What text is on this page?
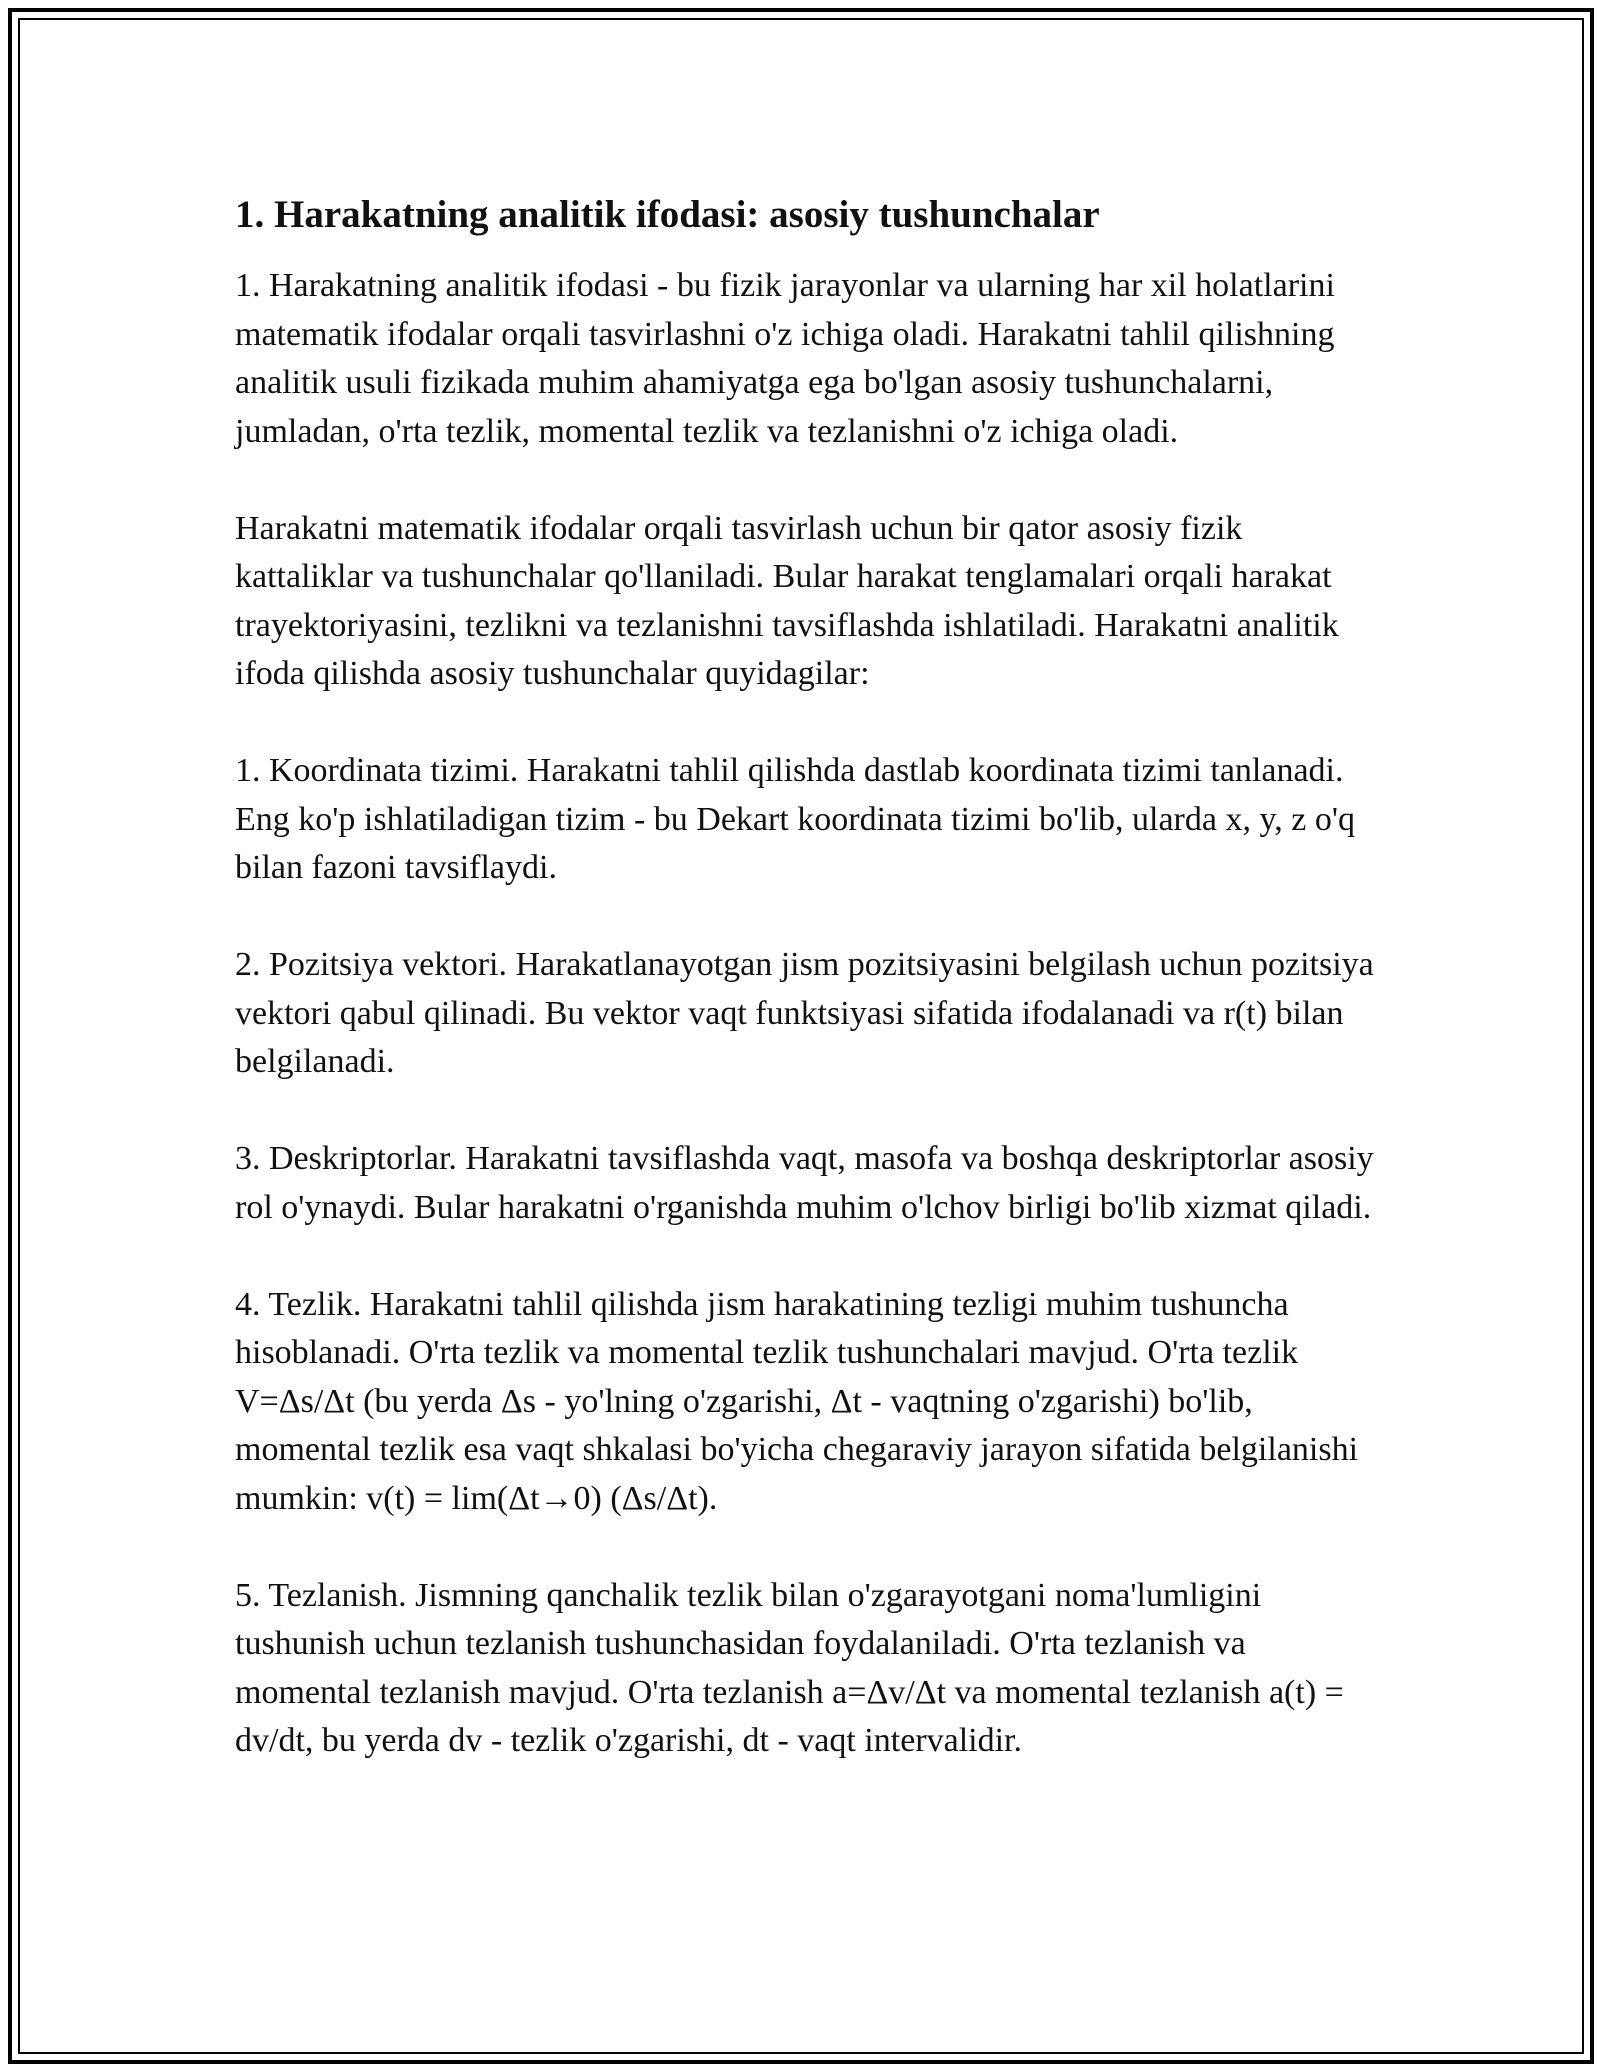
1. Harakatning analitik ifodasi: asosiy tushunchalar

1. Harakatning analitik ifodasi - bu fizik jarayonlar va ularning har xil holatlarini matematik ifodalar orqali tasvirlashni o'z ichiga oladi. Harakatni tahlil qilishning analitik usuli fizikada muhim ahamiyatga ega bo'lgan asosiy tushunchalarni, jumladan, o'rta tezlik, momental tezlik va tezlanishni o'z ichiga oladi.

Harakatni matematik ifodalar orqali tasvirlash uchun bir qator asosiy fizik kattaliklar va tushunchalar qo'llaniladi. Bular harakat tenglamalari orqali harakat trayektoriyasini, tezlikni va tezlanishni tavsiflashda ishlatiladi. Harakatni analitik ifoda qilishda asosiy tushunchalar quyidagilar:

1. Koordinata tizimi. Harakatni tahlil qilishda dastlab koordinata tizimi tanlanadi. Eng ko'p ishlatiladigan tizim - bu Dekart koordinata tizimi bo'lib, ularda x, y, z o'q bilan fazoni tavsiflaydi.

2. Pozitsiya vektori. Harakatlanayotgan jism pozitsiyasini belgilash uchun pozitsiya vektori qabul qilinadi. Bu vektor vaqt funktsiyasi sifatida ifodalanadi va r(t) bilan belgilanadi.

3. Deskriptorlar. Harakatni tavsiflashda vaqt, masofa va boshqa deskriptorlar asosiy rol o'ynaydi. Bular harakatni o'rganishda muhim o'lchov birligi bo'lib xizmat qiladi.

4. Tezlik. Harakatni tahlil qilishda jism harakatining tezligi muhim tushuncha hisoblanadi. O'rta tezlik va momental tezlik tushunchalari mavjud. O'rta tezlik V=Δs/Δt (bu yerda Δs - yo'lning o'zgarishi, Δt - vaqtning o'zgarishi) bo'lib, momental tezlik esa vaqt shkalasi bo'yicha chegaraviy jarayon sifatida belgilanishi mumkin: v(t) = lim(Δt→0) (Δs/Δt).

5. Tezlanish. Jismning qanchalik tezlik bilan o'zgarayotgani noma'lumligini tushunish uchun tezlanish tushunchasidan foydalaniladi. O'rta tezlanish va momental tezlanish mavjud. O'rta tezlanish a=Δv/Δt va momental tezlanish a(t) = dv/dt, bu yerda dv - tezlik o'zgarishi, dt - vaqt intervalidir.
